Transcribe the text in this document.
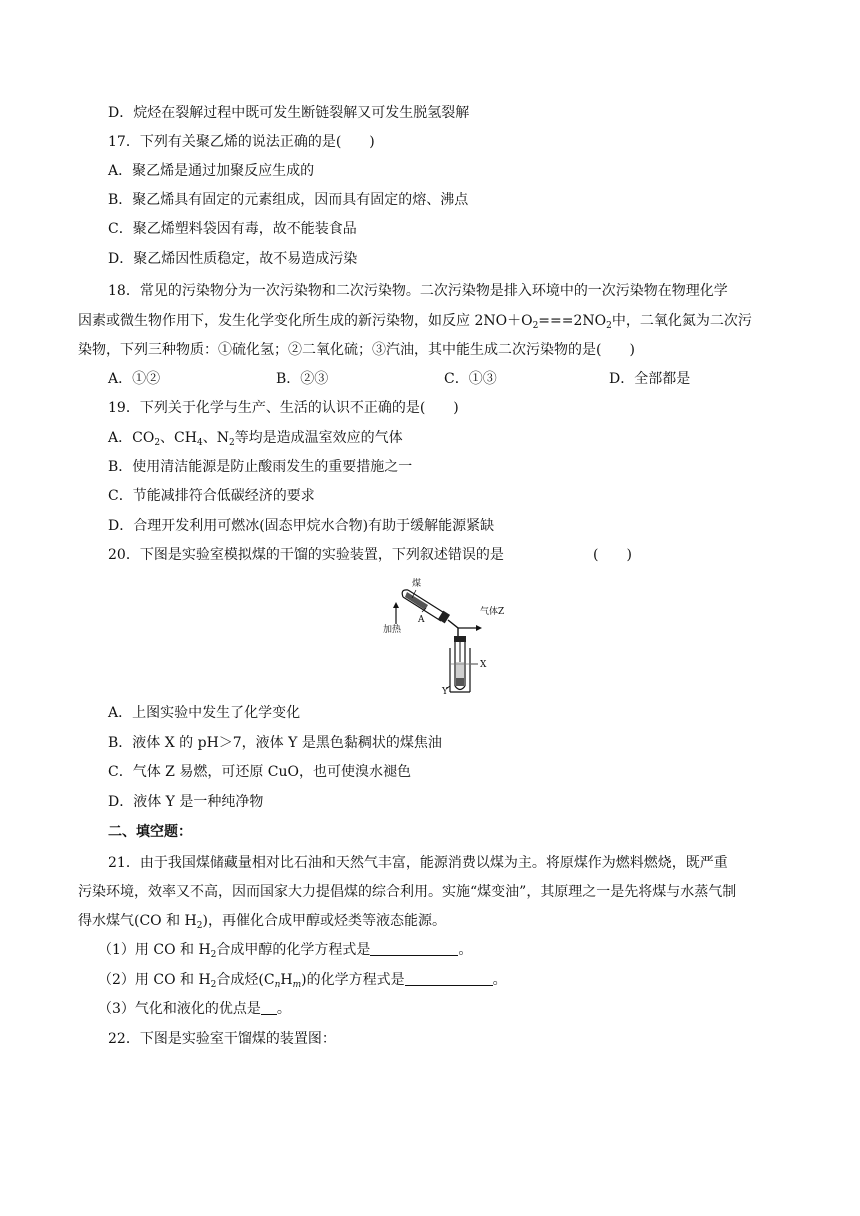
D．烷烃在裂解过程中既可发生断链裂解又可发生脱氢裂解
17．下列有关聚乙烯的说法正确的是(　　)
A．聚乙烯是通过加聚反应生成的
B．聚乙烯具有固定的元素组成，因而具有固定的熔、沸点
C．聚乙烯塑料袋因有毒，故不能装食品
D．聚乙烯因性质稳定，故不易造成污染
18．常见的污染物分为一次污染物和二次污染物。二次污染物是排入环境中的一次污染物在物理化学
因素或微生物作用下，发生化学变化所生成的新污染物，如反应 $2NO+O_2===2NO_2$中，二氧化氮为二次污
染物，下列三种物质：①硫化氢；②二氧化硫；③汽油，其中能生成二次污染物的是(　　)
A．①②	B．②③	C．①③	D．全部都是
19．下列关于化学与生产、生活的认识不正确的是(　　)
A．$CO_2$、$CH_4$、$N_2$等均是造成温室效应的气体
B．使用清洁能源是防止酸雨发生的重要措施之一
C．节能减排符合低碳经济的要求
D．合理开发利用可燃冰(固态甲烷水合物)有助于缓解能源紧缺
20．下图是实验室模拟煤的干馏的实验装置，下列叙述错误的是	(　　)
煤
加热
A
气体Z
X
Y
A．上图实验中发生了化学变化
B．液体 X 的 pH＞7，液体 Y 是黑色黏稠状的煤焦油
C．气体 Z 易燃，可还原 CuO，也可使溴水褪色
D．液体 Y 是一种纯净物
二、填空题：
21．由于我国煤储藏量相对比石油和天然气丰富，能源消费以煤为主。将原煤作为燃料燃烧，既严重
污染环境，效率又不高，因而国家大力提倡煤的综合利用。实施“煤变油”，其原理之一是先将煤与水蒸气制
得水煤气(CO 和 $H_2$)，再催化合成甲醇或烃类等液态能源。
（1）用 CO 和 $H_2$合成甲醇的化学方程式是	。
（2）用 CO 和 $H_2$合成烃$(C_nH_m)$的化学方程式是	。
（3）气化和液化的优点是 。
22．下图是实验室干馏煤的装置图：
